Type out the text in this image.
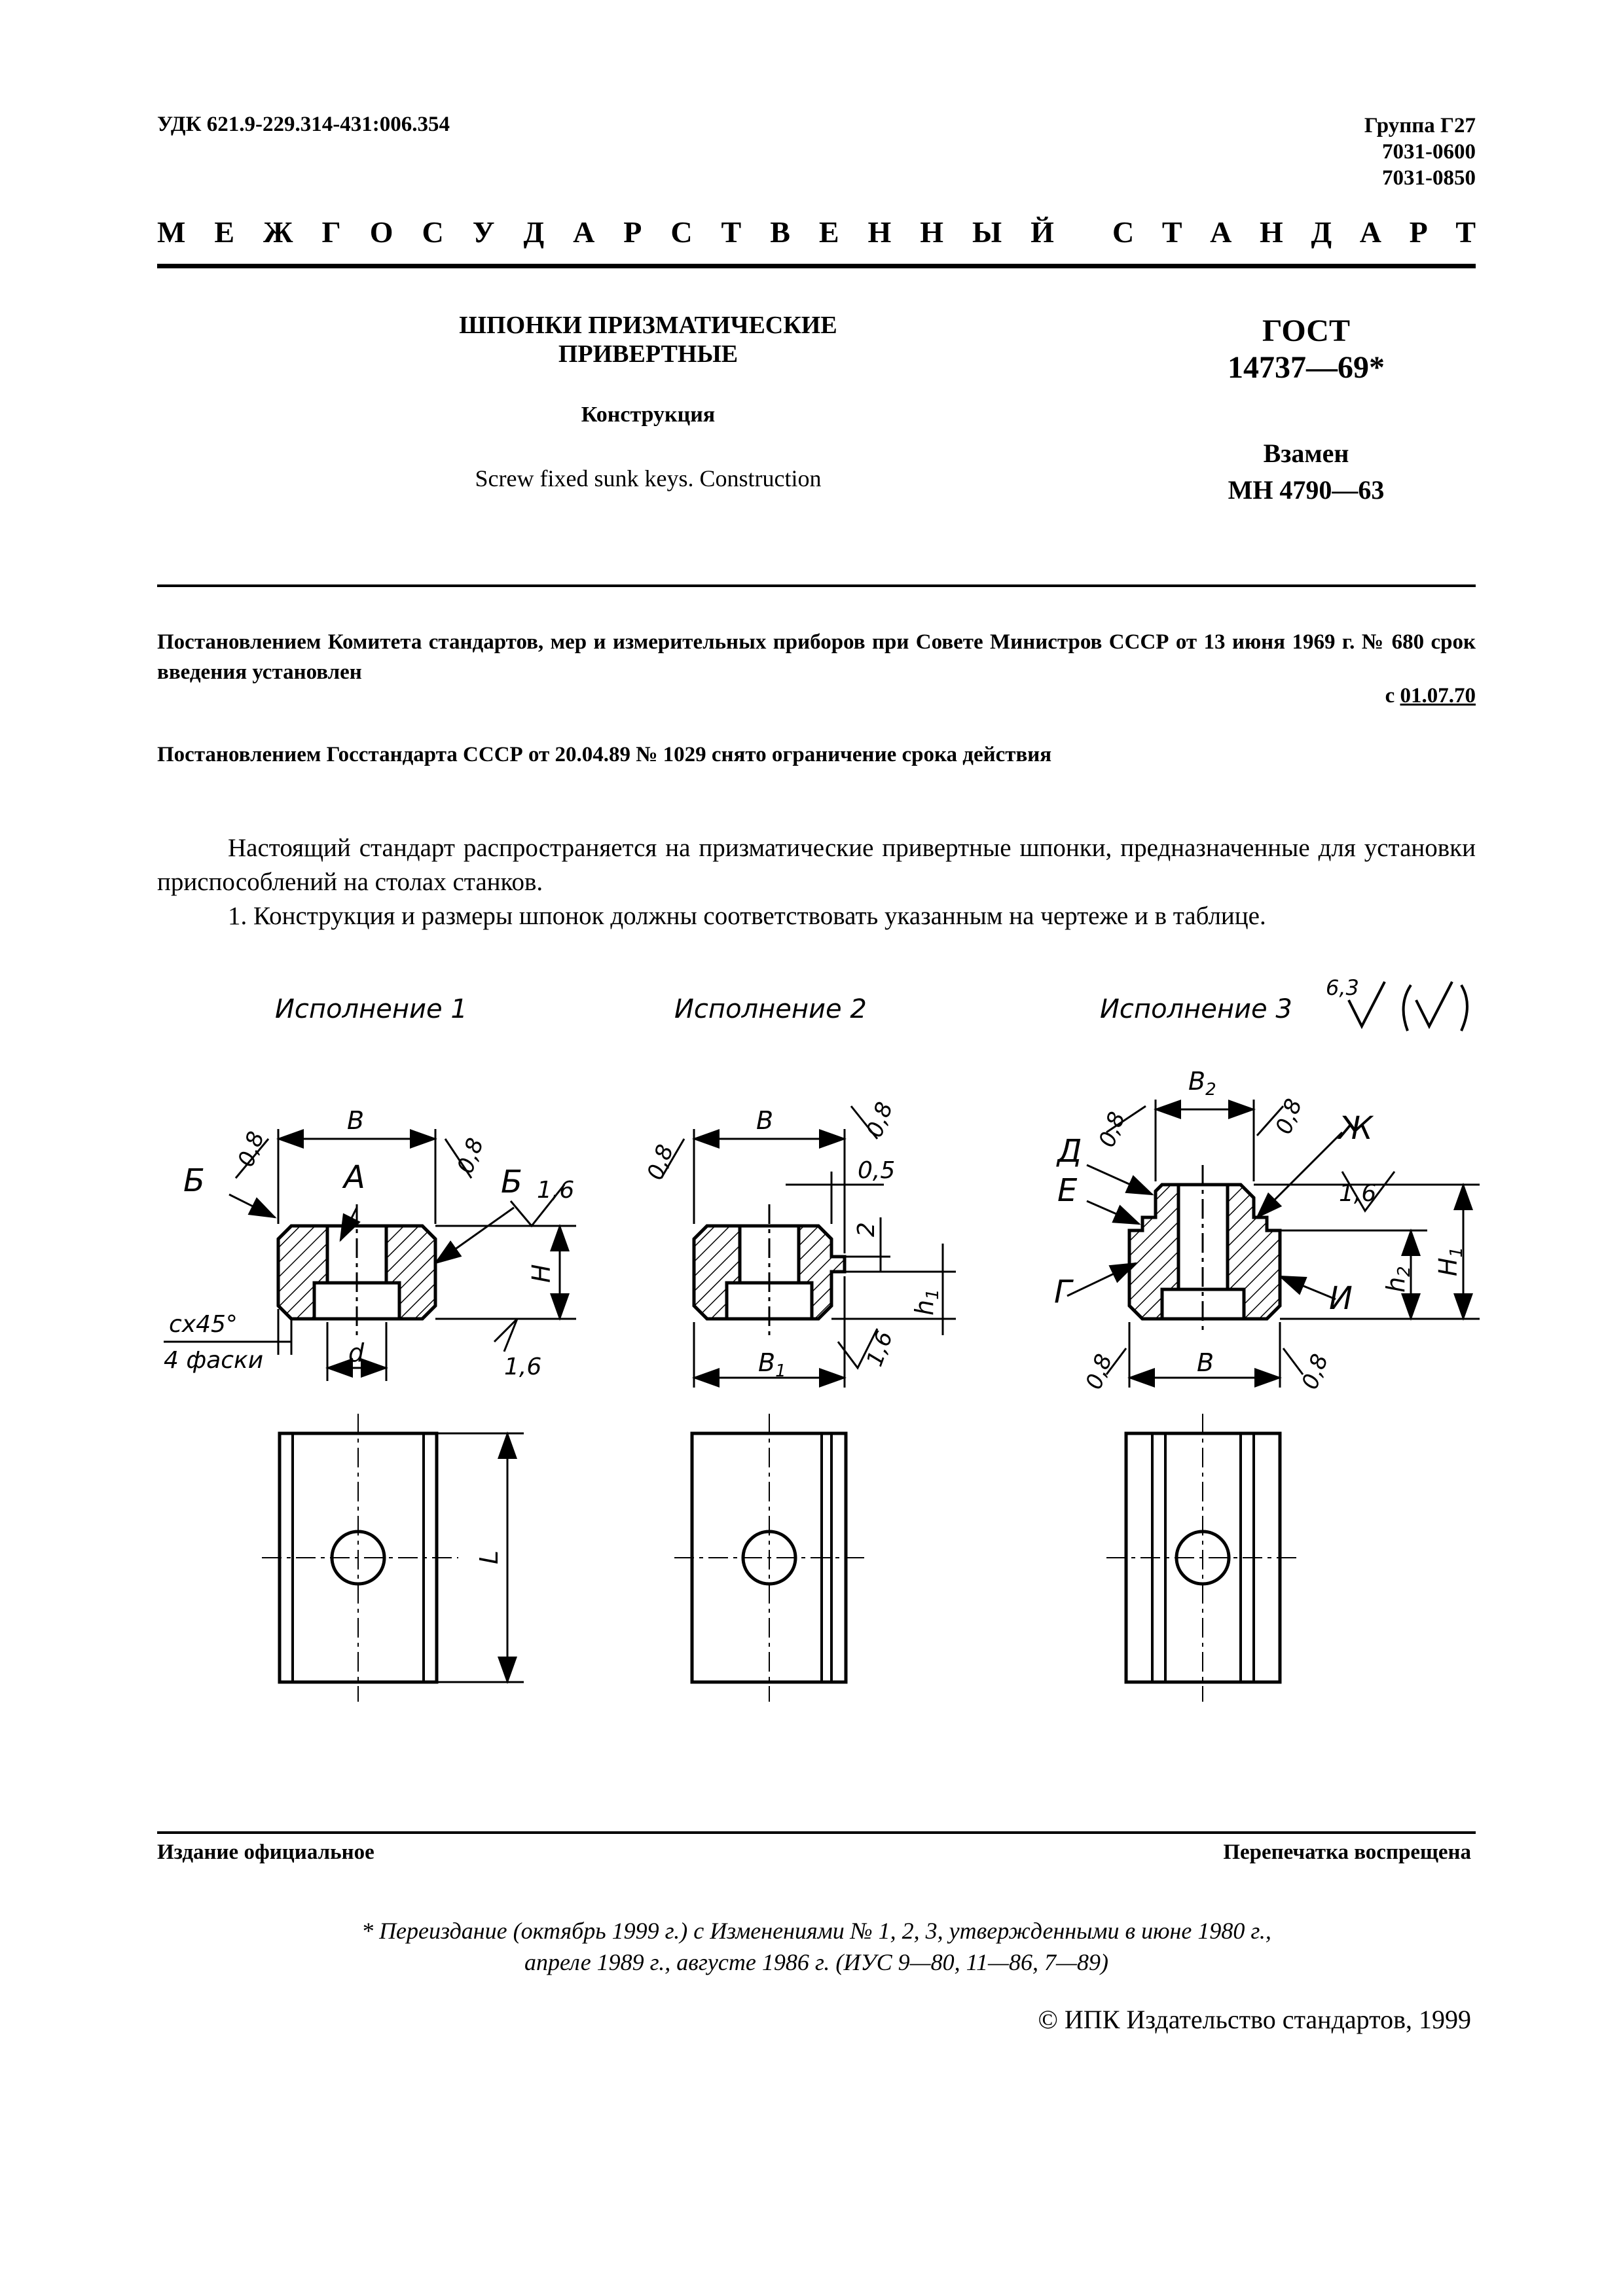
УДК 621.9-229.314-431:006.354	Группа Г27
7031-0600
7031-0850
М Е Ж Г О С У Д А Р С Т В Е Н Н Ы Й С Т А Н Д А Р Т
ШПОНКИ ПРИЗМАТИЧЕСКИЕ
ПРИВЕРТНЫЕ
Конструкция
Screw fixed sunk keys. Construction
ГОСТ
14737—69*
Взамен
МН 4790—63
Постановлением Комитета стандартов, мер и измерительных приборов при Совете Министров СССР от 13 июня 1969 г. № 680 срок введения установлен
с 01.07.70
Постановлением Госстандарта СССР от 20.04.89 № 1029 снято ограничение срока действия
Настоящий стандарт распространяется на призматические привертные шпонки, предназначенные для установки приспособлений на столах станков.
1. Конструкция и размеры шпонок должны соответствовать указанным на чертеже и в таблице.
Исполнение 1	Исполнение 2	Исполнение 3
6,3
B
А
Б	Б 1,6
1,6
0,8	0,8
H
d
cx45°
4 фаски
B
$B_1$
0,5
2
$h_1$
0,8
0,8
1,6
$B_2$
B
0,8	0,8
0,8	0,8
1,6
$H_1$
$h_2$
Д
Е
Г
Ж
И
L
Издание официальное	Перепечатка воспрещена
* Переиздание (октябрь 1999 г.) с Изменениями № 1, 2, 3, утвержденными в июне 1980 г.,
апреле 1989 г., августе 1986 г. (ИУС 9—80, 11—86, 7—89)
© ИПК Издательство стандартов, 1999
